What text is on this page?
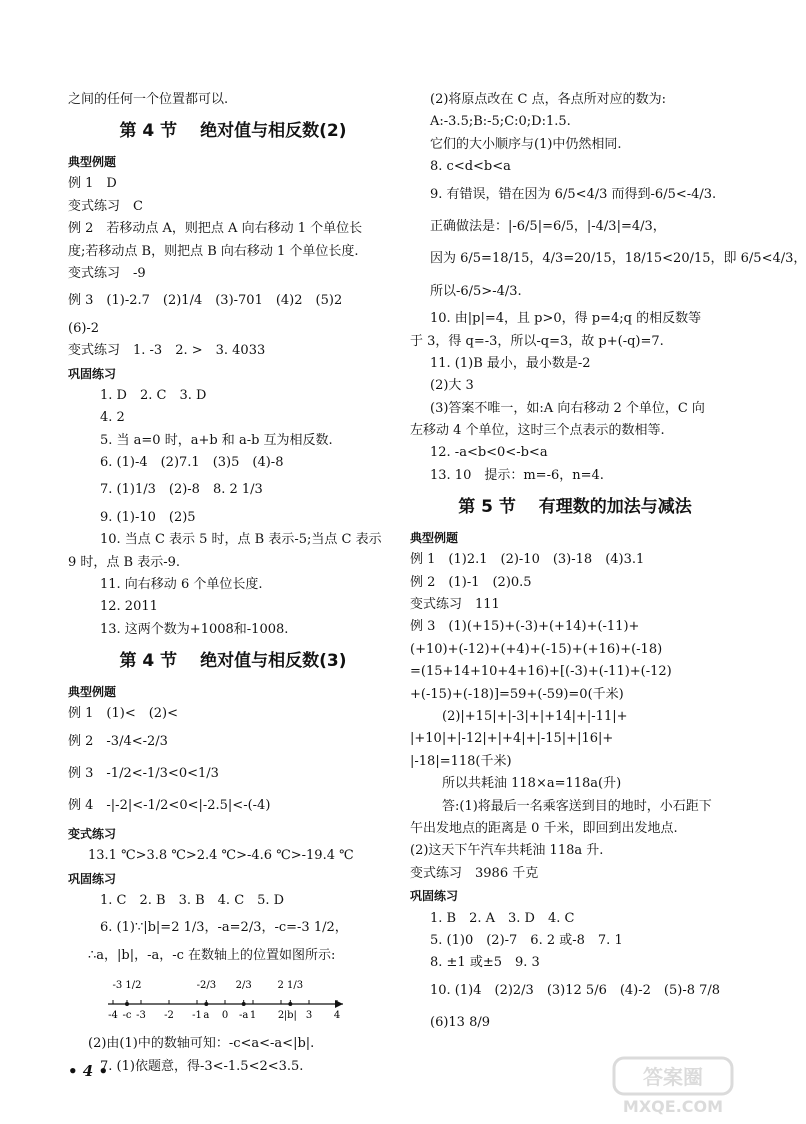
之间的任何一个位置都可以.
第 4 节　 绝对值与相反数(2)
典型例题
例 1　D
变式练习　C
例 2　若移动点 A，则把点 A 向右移动 1 个单位长
度;若移动点 B，则把点 B 向右移动 1 个单位长度.
变式练习　-9
例 3　(1)-2.7　(2)1/4　(3)-701　(4)2　(5)2
(6)-2
变式练习　1. -3　2. >　3. 4033
巩固练习
1. D　2. C　3. D
4. 2
5. 当 a=0 时，a+b 和 a-b 互为相反数.
6. (1)-4　(2)7.1　(3)5　(4)-8
7. (1)1/3　(2)-8　8. 2 1/3
9. (1)-10　(2)5
10. 当点 C 表示 5 时，点 B 表示-5;当点 C 表示
9 时，点 B 表示-9.
11. 向右移动 6 个单位长度.
12. 2011
13. 这两个数为+1008和-1008.
第 4 节　 绝对值与相反数(3)
典型例题
例 1　(1)<　(2)<
例 2　-3/4<-2/3
例 3　-1/2<-1/3<0<1/3
例 4　-|-2|<-1/2<0<|-2.5|<-(-4)
变式练习
13.1 ℃>3.8 ℃>2.4 ℃>-4.6 ℃>-19.4 ℃
巩固练习
1. C　2. B　3. B　4. C　5. D
6. (1)∵|b|=2 1/3，-a=2/3，-c=-3 1/2，
∴a，|b|，-a，-c 在数轴上的位置如图所示:
-4 -c -3 -2 -1 a 0 -a 1 2 |b| 3 4
-3 1/2	-2/3 2/3	2 1/3
(2)由(1)中的数轴可知：-c<a<-a<|b|.
7. (1)依题意，得-3<-1.5<2<3.5.
(2)将原点改在 C 点，各点所对应的数为:
A:-3.5;B:-5;C:0;D:1.5.
它们的大小顺序与(1)中仍然相同.
8. c<d<b<a
9. 有错误，错在因为 6/5<4/3 而得到-6/5<-4/3.
正确做法是：|-6/5|=6/5，|-4/3|=4/3，
因为 6/5=18/15，4/3=20/15，18/15<20/15，即 6/5<4/3，
所以-6/5>-4/3.
10. 由|p|=4，且 p>0，得 p=4;q 的相反数等
于 3，得 q=-3，所以-q=3，故 p+(-q)=7.
11. (1)B 最小，最小数是-2
(2)大 3
(3)答案不唯一，如:A 向右移动 2 个单位，C 向
左移动 4 个单位，这时三个点表示的数相等.
12. -a<b<0<-b<a
13. 10　提示：m=-6，n=4.
第 5 节　 有理数的加法与减法
典型例题
例 1　(1)2.1　(2)-10　(3)-18　(4)3.1
例 2　(1)-1　(2)0.5
变式练习　111
例 3　(1)(+15)+(-3)+(+14)+(-11)+
(+10)+(-12)+(+4)+(-15)+(+16)+(-18)
=(15+14+10+4+16)+[(-3)+(-11)+(-12)
+(-15)+(-18)]=59+(-59)=0(千米)
(2)|+15|+|-3|+|+14|+|-11|+
|+10|+|-12|+|+4|+|-15|+|16|+
|-18|=118(千米)
所以共耗油 118×a=118a(升)
答:(1)将最后一名乘客送到目的地时，小石距下
午出发地点的距离是 0 千米，即回到出发地点.
(2)这天下午汽车共耗油 118a 升.
变式练习　3986 千克
巩固练习
1. B　2. A　3. D　4. C
5. (1)0　(2)-7　6. 2 或-8　7. 1
8. ±1 或±5　9. 3
10. (1)4　(2)2/3　(3)12 5/6　(4)-2　(5)-8 7/8
(6)13 8/9
• 4 •	答案圈
MXQE.COM
